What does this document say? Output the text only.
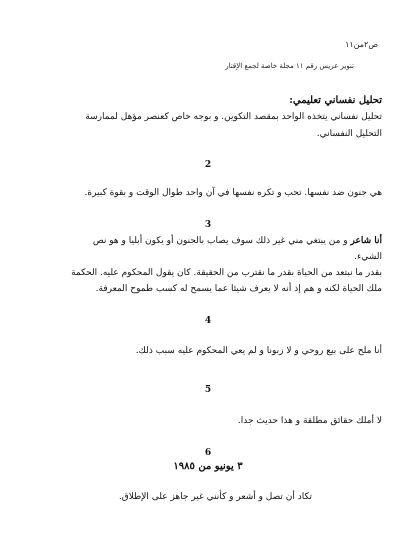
ص٢من١١
تنوير عريس رقم ١١ مجلة خاصة لجمع الإقتار
تحليل نفساني تعليمي:
تحليل نفساني يتخذه الواحد بمقصد التكوين. و بوجه خاص كعنصر مؤهل لممارسة
التحليل النفساني.
2
هي جنون ضد نفسها. تحب و تكره نفسها في آن واحد طوال الوقت و بقوة كبيرة.
3
أنا شاعر و من يبتغي مني غير ذلك سوف يصاب بالجنون أو يكون أبليا و هو نص
الشيء.
بقدر ما نبتعد من الحياة بقدر ما نقترب من الحقيقة. كان يقول المحكوم عليه. الحكمة
ملك الحياة لكنه و هم إذ أنه لا يعرف شيئا عما يسمح له كسب طموح المعرفة.
4
أنا ملح على بيع روحي و لا زبونا و لم يعي المحكوم عليه سبب ذلك.
5
لا أملك حقائق مطلقة و هذا حديث جدا.
6
٣ يونيو من ١٩٨٥
تكاد أن تصل و أشعر و كأنني غير جاهز على الإطلاق.
